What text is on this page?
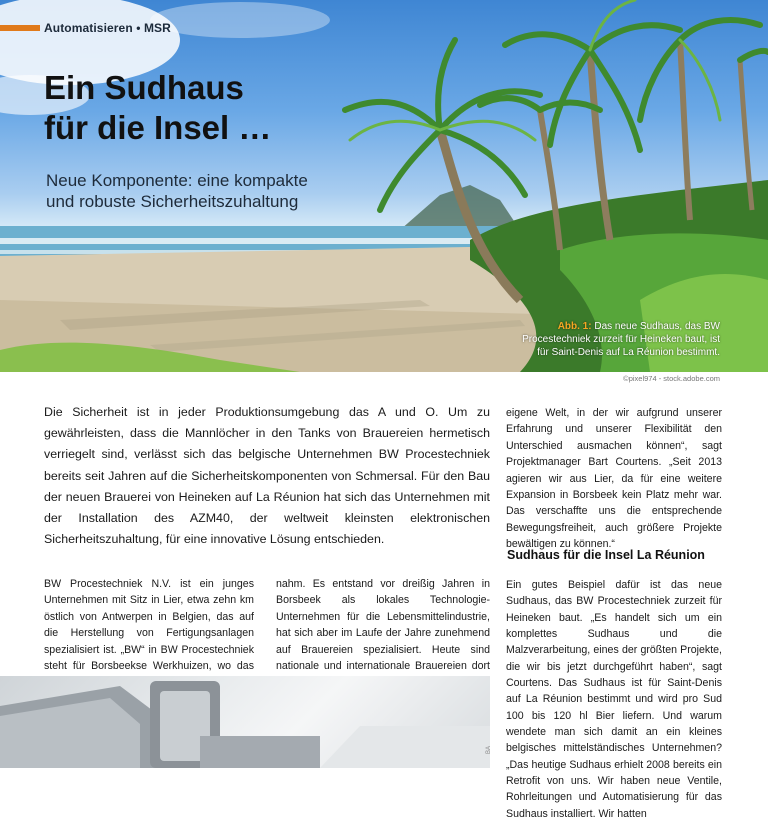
Automatisieren • MSR
Ein Sudhaus
für die Insel …
Neue Komponente: eine kompakte
und robuste Sicherheitszuhaltung
Abb. 1: Das neue Sudhaus, das BW Procestechniek zurzeit für Heineken baut, ist für Saint-Denis auf La Réunion bestimmt.
©pixel974 - stock.adobe.com

Die Sicherheit ist in jeder Produktionsumgebung das A und O. Um zu gewährleisten, dass die Mannlöcher in den Tanks von Brauereien hermetisch verriegelt sind, verlässt sich das belgische Unternehmen BW Procestechniek bereits seit Jahren auf die Sicherheitskomponenten von Schmersal. Für den Bau der neuen Brauerei von Heineken auf La Réunion hat sich das Unternehmen mit der Installation des AZM40, der weltweit kleinsten elektronischen Sicherheitszuhaltung, für eine innovative Lösung entschieden.

eigene Welt, in der wir aufgrund unserer Erfahrung und unserer Flexibilität den Unterschied ausmachen können“, sagt Projektmanager Bart Courtens. „Seit 2013 agieren wir aus Lier, da für eine weitere Expansion in Borsbeek kein Platz mehr war. Das verschaffte uns die entsprechende Bewegungsfreiheit, auch größere Projekte bewältigen zu können.“

Sudhaus für die Insel La Réunion

Ein gutes Beispiel dafür ist das neue Sudhaus, das BW Procestechniek zurzeit für Heineken baut. „Es handelt sich um ein komplettes Sudhaus und die Malzverarbeitung, eines der größten Projekte, die wir bis jetzt durchgeführt haben“, sagt Courtens. Das Sudhaus ist für Saint-Denis auf La Réunion bestimmt und wird pro Sud 100 bis 120 hl Bier liefern. Und warum wendete man sich damit an ein kleines belgisches mittelständisches Unternehmen? „Das heutige Sudhaus erhielt 2008 bereits ein Retrofit von uns. Wir haben neue Ventile, Rohrleitungen und Automatisierung für das Sudhaus installiert. Wir hatten

BW Procestechniek N.V. ist ein junges Unternehmen mit Sitz in Lier, etwa zehn km östlich von Antwerpen in Belgien, das auf die Herstellung von Fertigungsanlagen spezialisiert ist. „BW“ in BW Procestechniek steht für Borsbeekse Werkhuizen, wo das

nahm. Es entstand vor dreißig Jahren in Borsbeek als lokales Technologie-Unternehmen für die Lebensmittelindustrie, hat sich aber im Laufe der Jahre zunehmend auf Brauereien spezialisiert. Heute sind nationale und internationale Brauereien dort

BA
